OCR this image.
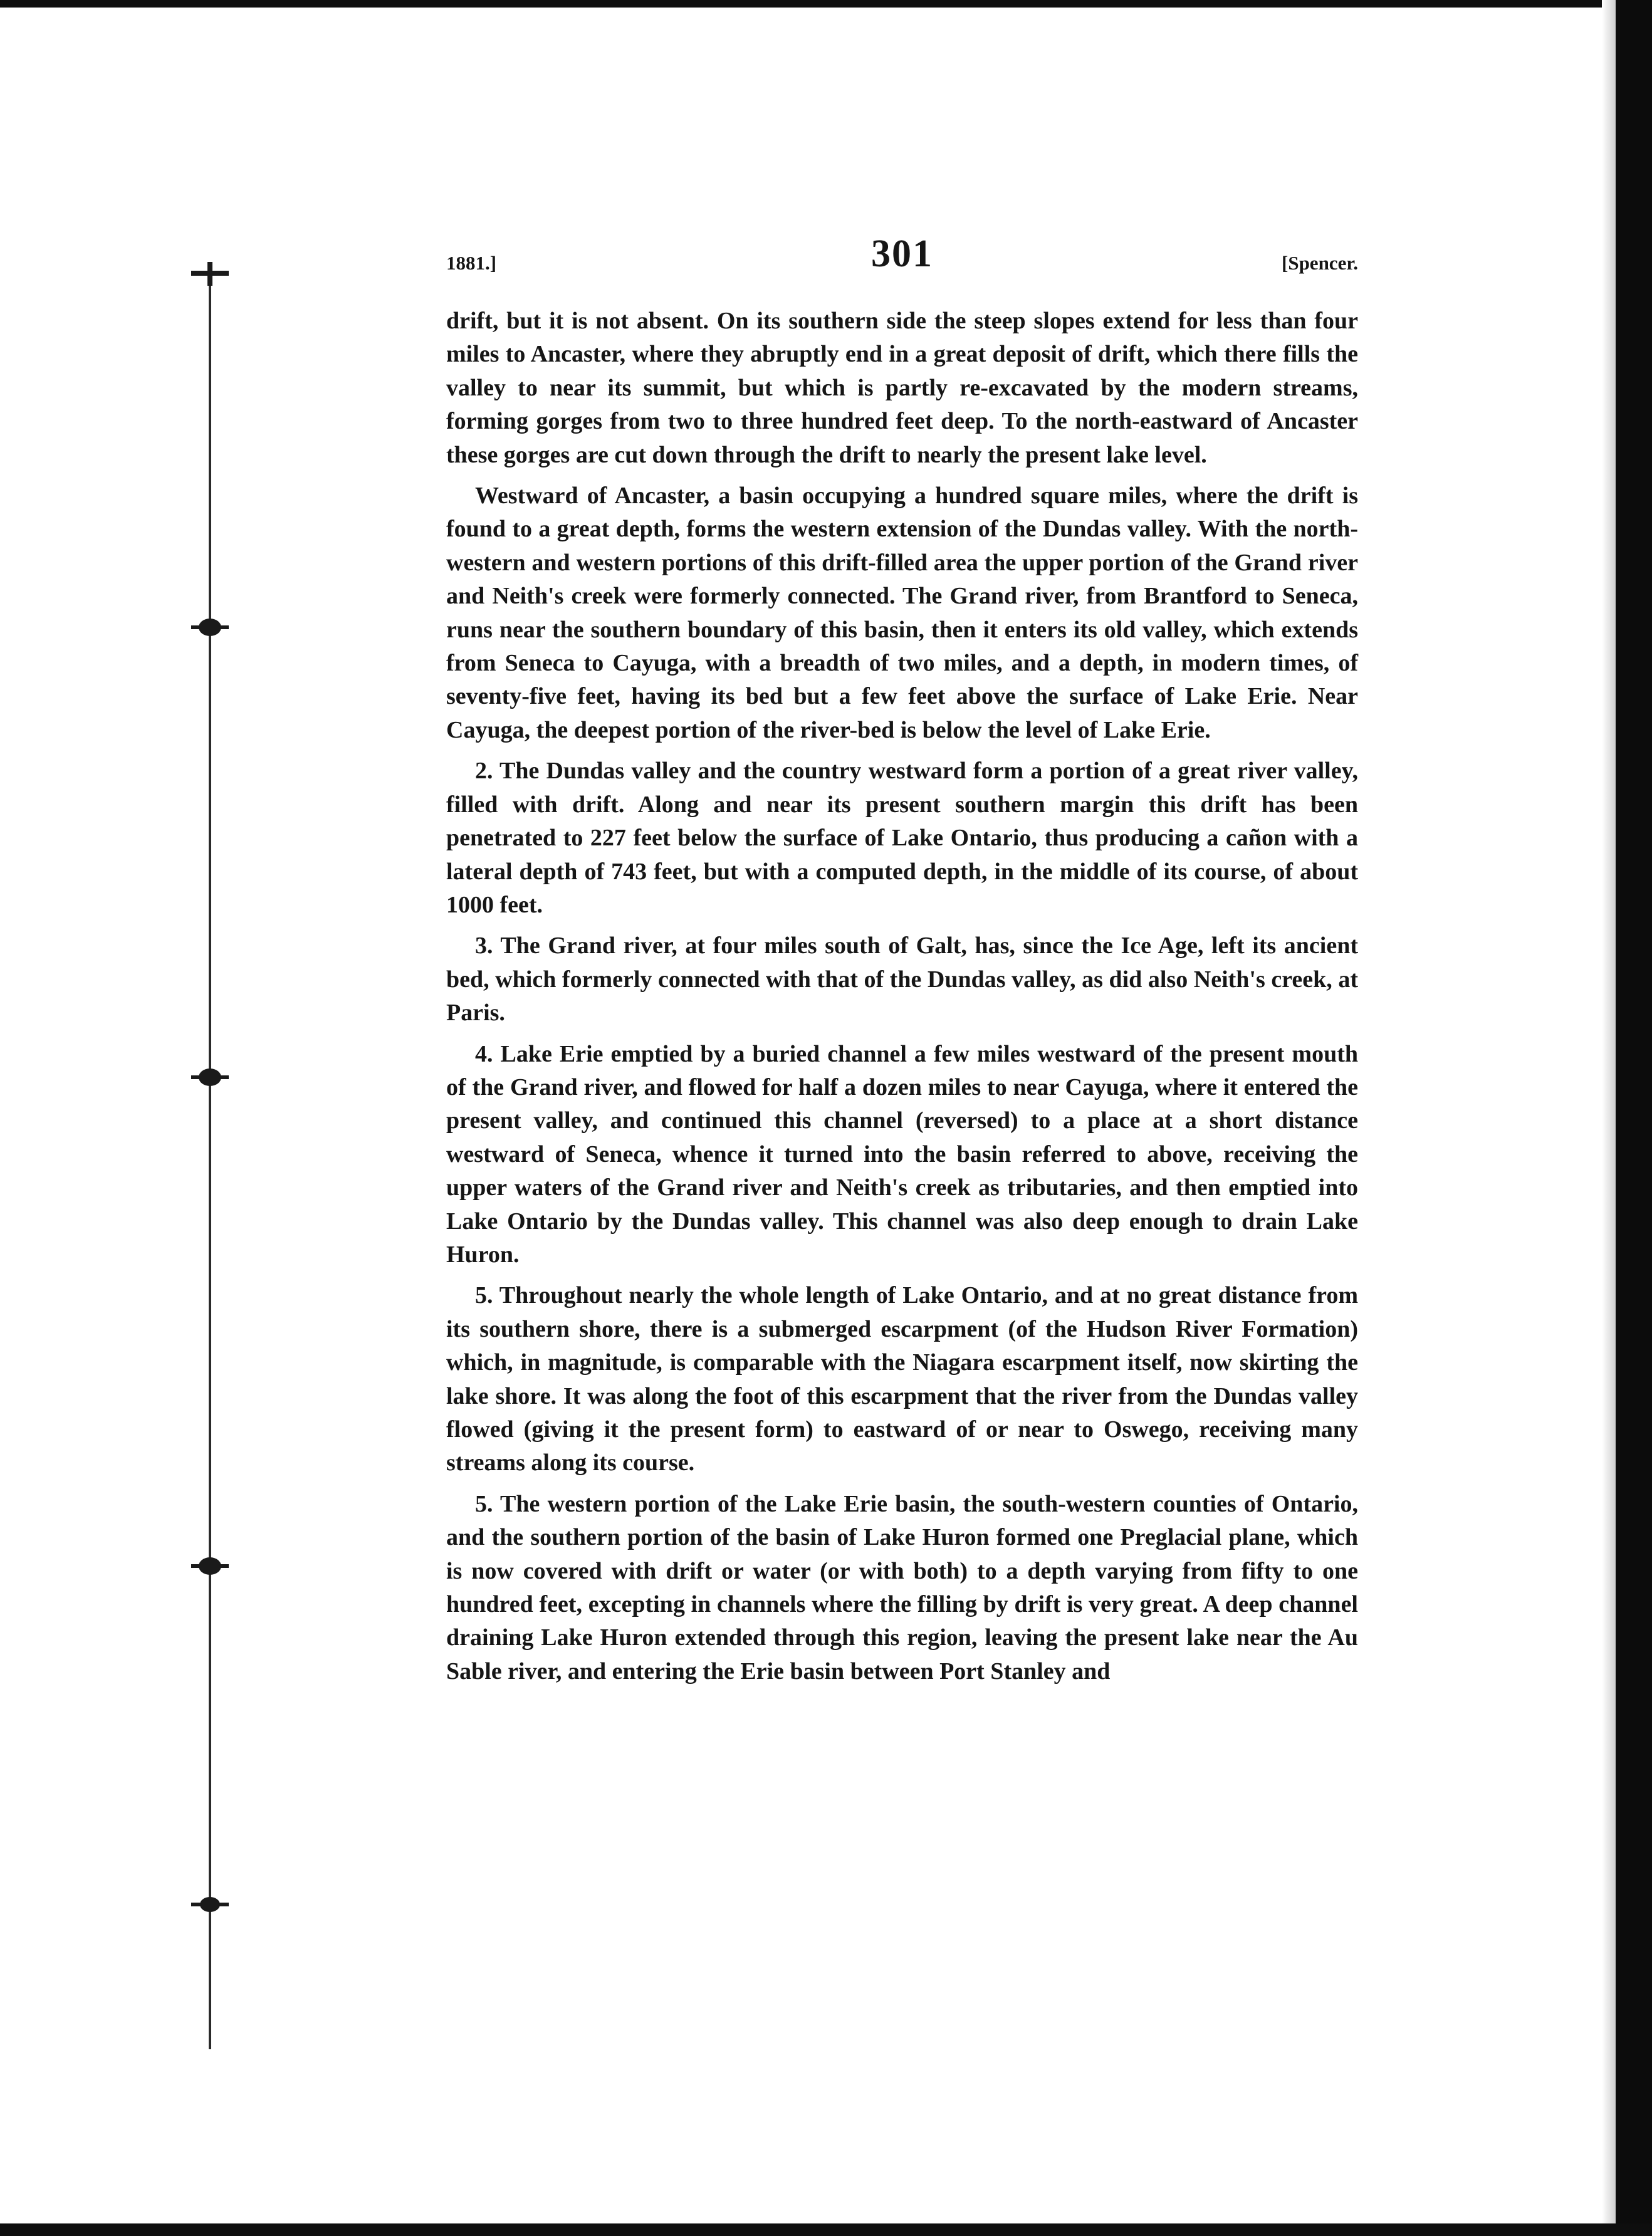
1881.]	301	[Spencer.

drift, but it is not absent. On its southern side the steep slopes extend for less than four miles to Ancaster, where they abruptly end in a great deposit of drift, which there fills the valley to near its summit, but which is partly re-excavated by the modern streams, forming gorges from two to three hundred feet deep. To the north-eastward of Ancaster these gorges are cut down through the drift to nearly the present lake level.

Westward of Ancaster, a basin occupying a hundred square miles, where the drift is found to a great depth, forms the western extension of the Dundas valley. With the north-western and western portions of this drift-filled area the upper portion of the Grand river and Neith's creek were formerly connected. The Grand river, from Brantford to Seneca, runs near the southern boundary of this basin, then it enters its old valley, which extends from Seneca to Cayuga, with a breadth of two miles, and a depth, in modern times, of seventy-five feet, having its bed but a few feet above the surface of Lake Erie. Near Cayuga, the deepest portion of the river-bed is below the level of Lake Erie.

2. The Dundas valley and the country westward form a portion of a great river valley, filled with drift. Along and near its present southern margin this drift has been penetrated to 227 feet below the surface of Lake Ontario, thus producing a cañon with a lateral depth of 743 feet, but with a computed depth, in the middle of its course, of about 1000 feet.

3. The Grand river, at four miles south of Galt, has, since the Ice Age, left its ancient bed, which formerly connected with that of the Dundas valley, as did also Neith's creek, at Paris.

4. Lake Erie emptied by a buried channel a few miles westward of the present mouth of the Grand river, and flowed for half a dozen miles to near Cayuga, where it entered the present valley, and continued this channel (reversed) to a place at a short distance westward of Seneca, whence it turned into the basin referred to above, receiving the upper waters of the Grand river and Neith's creek as tributaries, and then emptied into Lake Ontario by the Dundas valley. This channel was also deep enough to drain Lake Huron.

5. Throughout nearly the whole length of Lake Ontario, and at no great distance from its southern shore, there is a submerged escarpment (of the Hudson River Formation) which, in magnitude, is comparable with the Niagara escarpment itself, now skirting the lake shore. It was along the foot of this escarpment that the river from the Dundas valley flowed (giving it the present form) to eastward of or near to Oswego, receiving many streams along its course.

5. The western portion of the Lake Erie basin, the south-western counties of Ontario, and the southern portion of the basin of Lake Huron formed one Preglacial plane, which is now covered with drift or water (or with both) to a depth varying from fifty to one hundred feet, excepting in channels where the filling by drift is very great. A deep channel draining Lake Huron extended through this region, leaving the present lake near the Au Sable river, and entering the Erie basin between Port Stanley and
